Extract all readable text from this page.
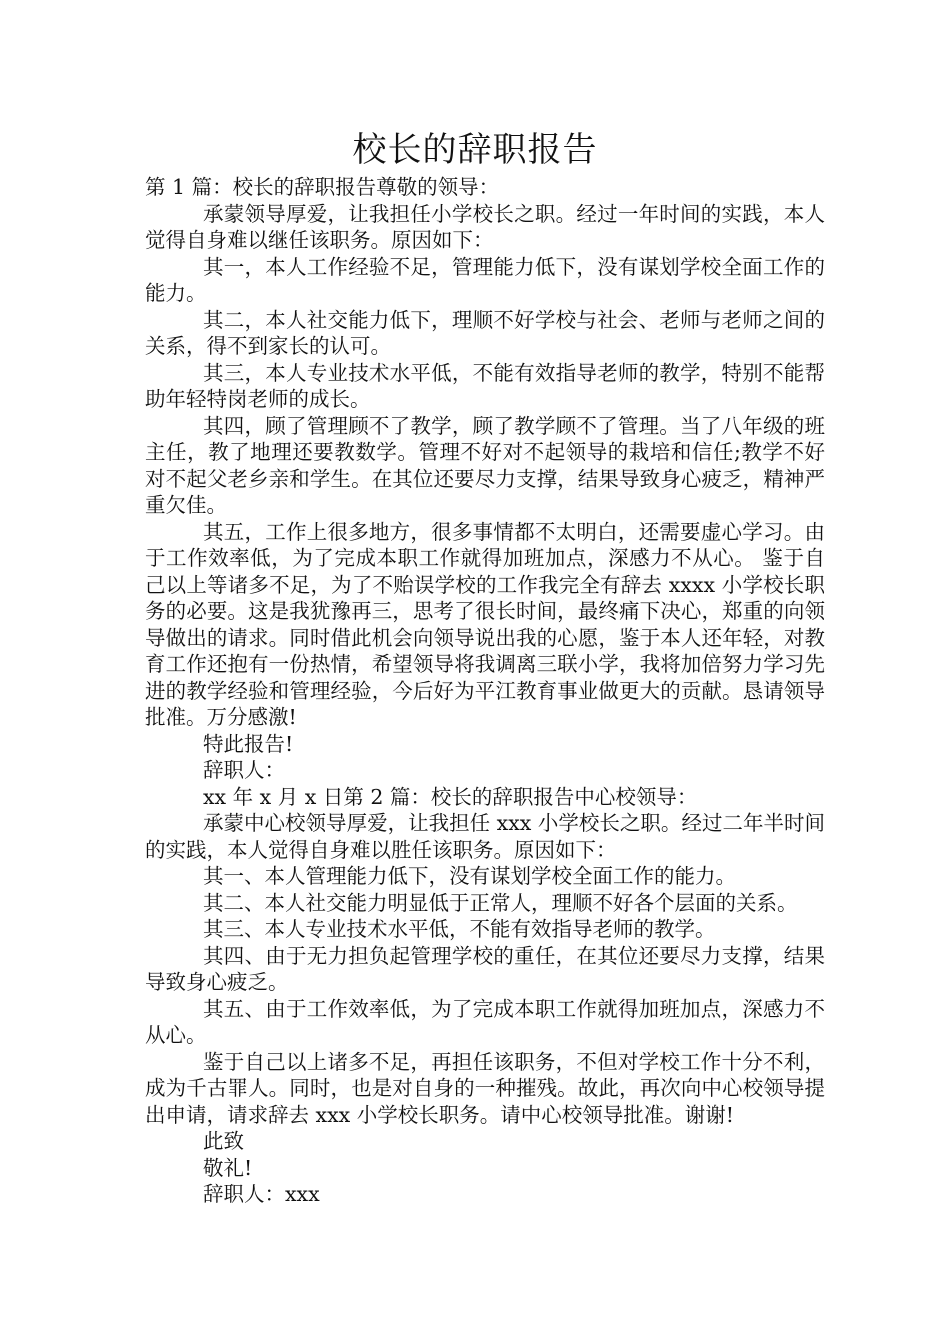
校长的辞职报告

第 1 篇：校长的辞职报告尊敬的领导：

承蒙领导厚爱，让我担任小学校长之职。经过一年时间的实践，本人觉得自身难以继任该职务。原因如下：

其一，本人工作经验不足，管理能力低下，没有谋划学校全面工作的能力。

其二，本人社交能力低下，理顺不好学校与社会、老师与老师之间的关系，得不到家长的认可。

其三，本人专业技术水平低，不能有效指导老师的教学，特别不能帮助年轻特岗老师的成长。

其四，顾了管理顾不了教学，顾了教学顾不了管理。当了八年级的班主任，教了地理还要教数学。管理不好对不起领导的栽培和信任;教学不好对不起父老乡亲和学生。在其位还要尽力支撑，结果导致身心疲乏，精神严重欠佳。

其五，工作上很多地方，很多事情都不太明白，还需要虚心学习。由于工作效率低，为了完成本职工作就得加班加点，深感力不从心。 鉴于自己以上等诸多不足，为了不贻误学校的工作我完全有辞去 xxxx 小学校长职务的必要。这是我犹豫再三，思考了很长时间，最终痛下决心，郑重的向领导做出的请求。同时借此机会向领导说出我的心愿，鉴于本人还年轻，对教育工作还抱有一份热情，希望领导将我调离三联小学，我将加倍努力学习先进的教学经验和管理经验，今后好为平江教育事业做更大的贡献。恳请领导批准。万分感激!

特此报告!

辞职人：

xx 年 x 月 x 日第 2 篇：校长的辞职报告中心校领导：

承蒙中心校领导厚爱，让我担任 xxx 小学校长之职。经过二年半时间的实践，本人觉得自身难以胜任该职务。原因如下：

其一、本人管理能力低下，没有谋划学校全面工作的能力。

其二、本人社交能力明显低于正常人，理顺不好各个层面的关系。

其三、本人专业技术水平低，不能有效指导老师的教学。

其四、由于无力担负起管理学校的重任，在其位还要尽力支撑，结果导致身心疲乏。

其五、由于工作效率低，为了完成本职工作就得加班加点，深感力不从心。

鉴于自己以上诸多不足，再担任该职务，不但对学校工作十分不利，成为千古罪人。同时，也是对自身的一种摧残。故此，再次向中心校领导提出申请，请求辞去 xxx 小学校长职务。请中心校领导批准。谢谢!

此致

敬礼!

辞职人：xxx
